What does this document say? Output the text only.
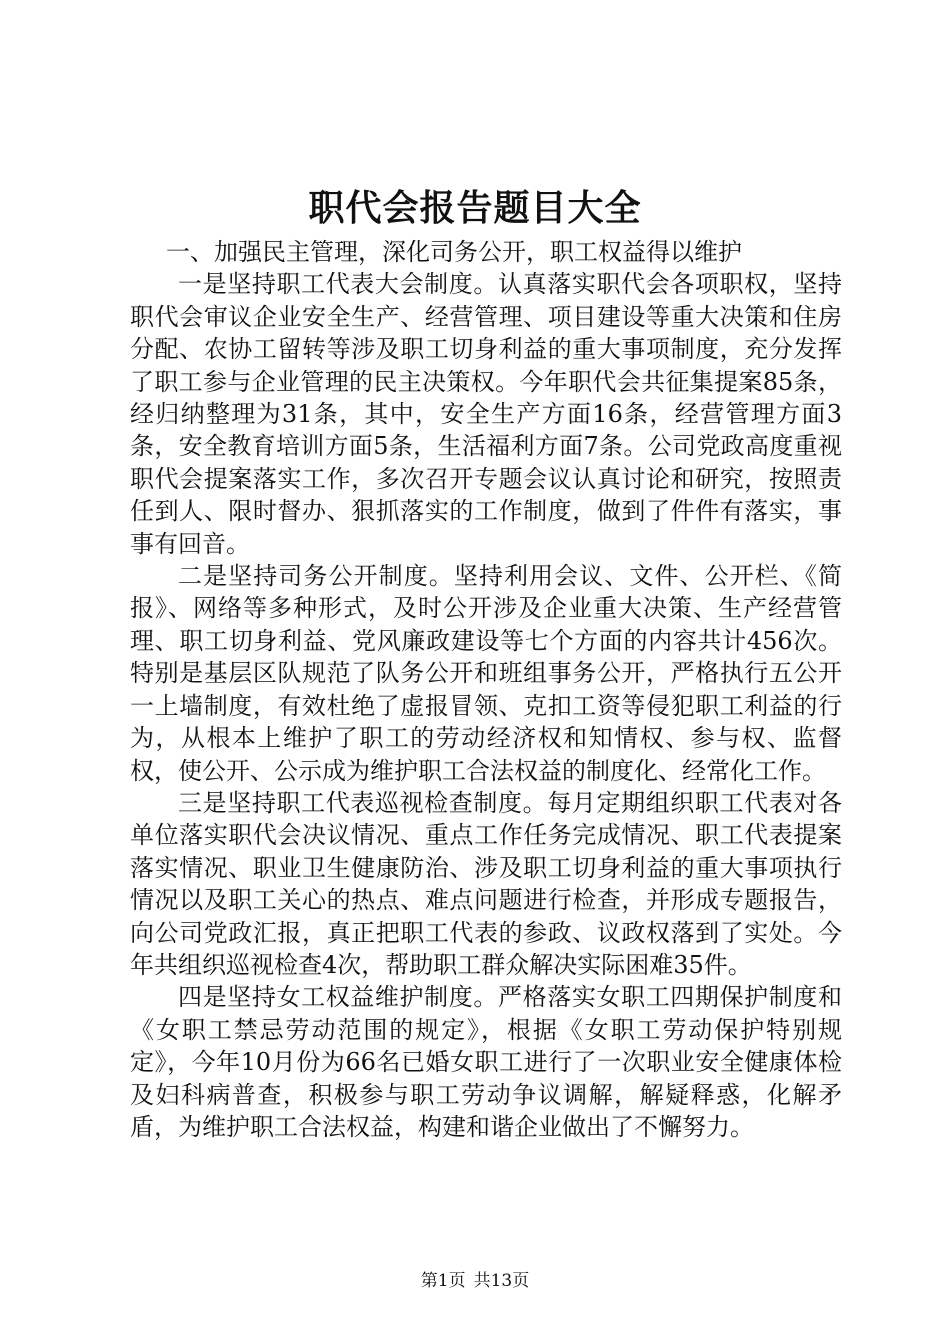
职代会报告题目大全

一、加强民主管理，深化司务公开，职工权益得以维护

一是坚持职工代表大会制度。认真落实职代会各项职权，坚持职代会审议企业安全生产、经营管理、项目建设等重大决策和住房分配、农协工留转等涉及职工切身利益的重大事项制度，充分发挥了职工参与企业管理的民主决策权。今年职代会共征集提案85条，经归纳整理为31条，其中，安全生产方面16条，经营管理方面3条，安全教育培训方面5条，生活福利方面7条。公司党政高度重视职代会提案落实工作，多次召开专题会议认真讨论和研究，按照责任到人、限时督办、狠抓落实的工作制度，做到了件件有落实，事事有回音。

二是坚持司务公开制度。坚持利用会议、文件、公开栏、《简报》、网络等多种形式，及时公开涉及企业重大决策、生产经营管理、职工切身利益、党风廉政建设等七个方面的内容共计456次。特别是基层区队规范了队务公开和班组事务公开，严格执行五公开一上墙制度，有效杜绝了虚报冒领、克扣工资等侵犯职工利益的行为，从根本上维护了职工的劳动经济权和知情权、参与权、监督权，使公开、公示成为维护职工合法权益的制度化、经常化工作。

三是坚持职工代表巡视检查制度。每月定期组织职工代表对各单位落实职代会决议情况、重点工作任务完成情况、职工代表提案落实情况、职业卫生健康防治、涉及职工切身利益的重大事项执行情况以及职工关心的热点、难点问题进行检查，并形成专题报告，向公司党政汇报，真正把职工代表的参政、议政权落到了实处。今年共组织巡视检查4次，帮助职工群众解决实际困难35件。

四是坚持女工权益维护制度。严格落实女职工四期保护制度和《女职工禁忌劳动范围的规定》，根据《女职工劳动保护特别规定》，今年10月份为66名已婚女职工进行了一次职业安全健康体检及妇科病普查，积极参与职工劳动争议调解，解疑释惑，化解矛盾，为维护职工合法权益，构建和谐企业做出了不懈努力。

第1页 共13页
